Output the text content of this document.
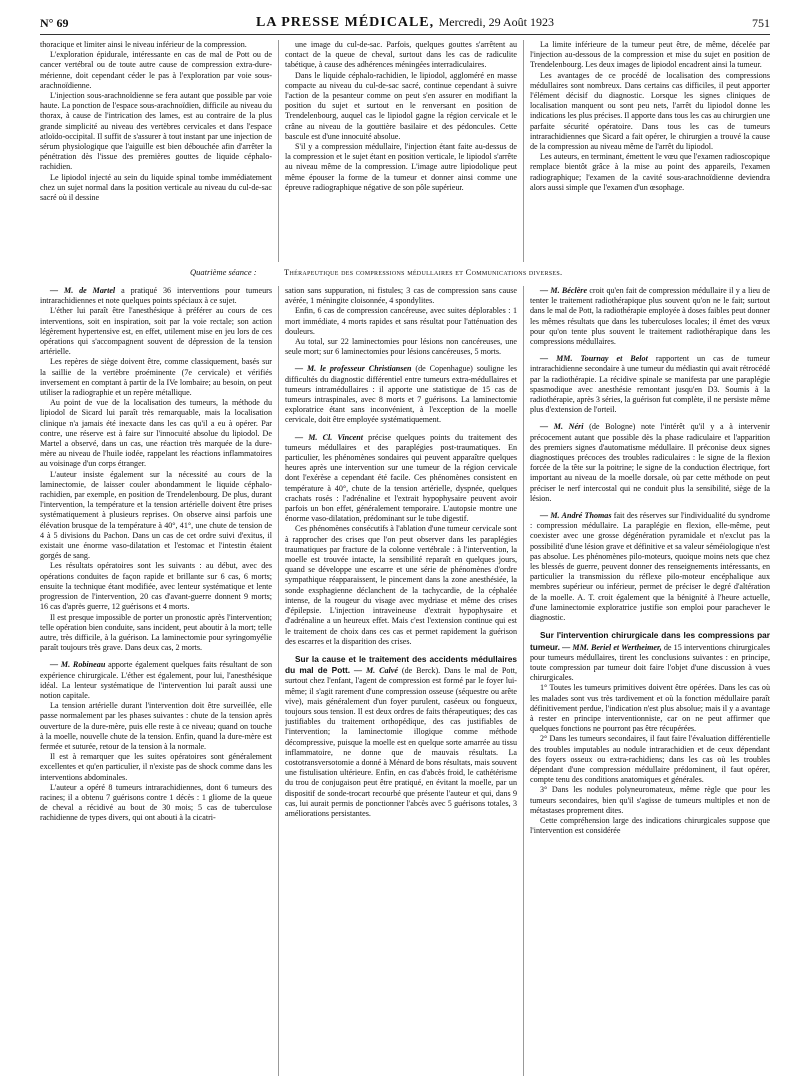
N° 69	LA PRESSE MÉDICALE, Mercredi, 29 Août 1923	751

thoracique et limiter ainsi le niveau inférieur de la compression.

L'exploration épidurale, intéressante en cas de mal de Pott ou de cancer vertébral ou de toute autre cause de compression extra-dure-mérienne, doit cependant céder le pas à l'exploration par voie sous-arachnoïdienne.

L'injection sous-arachnoïdienne se fera autant que possible par voie haute. La ponction de l'espace sous-arachnoïdien, difficile au niveau du thorax, à cause de l'intrication des lames, est au contraire de la plus grande simplicité au niveau des vertèbres cervicales et dans l'espace atloïdo-occipital. Il suffit de s'assurer à tout instant par une injection de sérum physiologique que l'aiguille est bien débouchée afin d'arrêter la pénétration dès l'issue des premières gouttes de liquide céphalo-rachidien.

Le lipiodol injecté au sein du liquide spinal tombe immédiatement chez un sujet normal dans la position verticale au niveau du cul-de-sac sacré où il dessine

une image du cul-de-sac. Parfois, quelques gouttes s'arrêtent au contact de la queue de cheval, surtout dans les cas de radiculite tabétique, à cause des adhérences méningées interradiculaires.

Dans le liquide céphalo-rachidien, le lipiodol, aggloméré en masse compacte au niveau du cul-de-sac sacré, continue cependant à suivre l'action de la pesanteur comme on peut s'en assurer en modifiant la position du sujet et surtout en le renversant en position de Trendelenbourg, auquel cas le lipiodol gagne la région cervicale et le crâne au niveau de la gouttière basilaire et des pédoncules. Cette bascule est d'une innocuité absolue.

S'il y a compression médullaire, l'injection étant faite au-dessus de la compression et le sujet étant en position verticale, le lipiodol s'arrête au niveau même de la compression. L'image autre lipiodolique peut même épouser la forme de la tumeur et donner ainsi comme une épreuve radiographique négative de son pôle supérieur.

La limite inférieure de la tumeur peut être, de même, décelée par l'injection au-dessous de la compression et mise du sujet en position de Trendelenbourg. Les deux images de lipiodol encadrent ainsi la tumeur.

Les avantages de ce procédé de localisation des compressions médullaires sont nombreux. Dans certains cas difficiles, il peut apporter l'élément décisif du diagnostic. Lorsque les signes cliniques de localisation manquent ou sont peu nets, l'arrêt du lipiodol donne les indications les plus précises. Il apporte dans tous les cas au chirurgien une parfaite sécurité opératoire. Dans tous les cas de tumeurs intrarachidiennes que Sicard a fait opérer, le chirurgien a trouvé la cause de la compression au niveau même de l'arrêt du lipiodol.

Les auteurs, en terminant, émettent le vœu que l'examen radioscopique remplace bientôt grâce à la mise au point des appareils, l'examen radiographique; l'examen de la cavité sous-arachnoïdienne deviendra alors aussi simple que l'examen d'un œsophage.

Quatrième séance :	Thérapeutique des compressions médullaires et Communications diverses.

— M. de Martel a pratiqué 36 interventions pour tumeurs intrarachidiennes et note quelques points spéciaux à ce sujet.

L'éther lui paraît être l'anesthésique à préférer au cours de ces interventions, soit en inspiration, soit par la voie rectale; son action légèrement hypertensive est, en effet, utilement mise en jeu lors de ces opérations qui s'accompagnent souvent de dépression de la tension artérielle.

Les repères de siège doivent être, comme classiquement, basés sur la saillie de la vertèbre proéminente (7e cervicale) et vérifiés inversement en comptant à partir de la IVe lombaire; au besoin, on peut utiliser la radiographie et un repère métallique.

Au point de vue de la localisation des tumeurs, la méthode du lipiodol de Sicard lui paraît très remarquable, mais la localisation clinique n'a jamais été inexacte dans les cas qu'il a eu à opérer. Par contre, une réserve est à faire sur l'innocuité absolue du lipiodol. De Martel a observé, dans un cas, une réaction très marquée de la dure-mère au niveau de l'huile iodée, rappelant les réactions inflammatoires au voisinage d'un corps étranger.

L'auteur insiste également sur la nécessité au cours de la laminectomie, de laisser couler abondamment le liquide céphalo-rachidien, par exemple, en position de Trendelenbourg. De plus, durant l'intervention, la température et la tension artérielle doivent être prises systématiquement à plusieurs reprises. On observe ainsi parfois une élévation brusque de la température à 40°, 41°, une chute de tension de 4 à 5 divisions du Pachon. Dans un cas de cet ordre suivi d'exitus, il existait une énorme vaso-dilatation et l'estomac et l'intestin étaient gorgés de sang.

Les résultats opératoires sont les suivants : au début, avec des opérations conduites de façon rapide et brillante sur 6 cas, 6 morts; ensuite la technique étant modifiée, avec lenteur systématique et lente progression de l'intervention, 20 cas d'avant-guerre donnent 9 morts; 16 cas d'après guerre, 12 guérisons et 4 morts.

Il est presque impossible de porter un pronostic après l'intervention; telle opération bien conduite, sans incident, peut aboutir à la mort; telle autre, très difficile, à la guérison. La laminectomie pour syringomyélie paraît toujours très grave. Dans deux cas, 2 morts.

— M. Robineau apporte également quelques faits résultant de son expérience chirurgicale. L'éther est également, pour lui, l'anesthésique idéal. La lenteur systématique de l'intervention lui paraît aussi une notion capitale.

La tension artérielle durant l'intervention doit être surveillée, elle passe normalement par les phases suivantes : chute de la tension après ouverture de la dure-mère, puis elle reste à ce niveau; quand on touche à la moelle, nouvelle chute de la tension. Enfin, quand la dure-mère est fermée et suturée, retour de la tension à la normale.

Il est à remarquer que les suites opératoires sont généralement excellentes et qu'en particulier, il n'existe pas de shock comme dans les interventions abdominales.

L'auteur a opéré 8 tumeurs intrarachidiennes, dont 6 tumeurs des racines; il a obtenu 7 guérisons contre 1 décès : 1 gliome de la queue de cheval a récidivé au bout de 30 mois; 5 cas de tuberculose rachidienne de types divers, qui ont abouti à la cicatri-

sation sans suppuration, ni fistules; 3 cas de compression sans cause avérée, 1 méningite cloisonnée, 4 spondylites.

Enfin, 6 cas de compression cancéreuse, avec suites déplorables : 1 mort immédiate, 4 morts rapides et sans résultat pour l'atténuation des douleurs.

Au total, sur 22 laminectomies pour lésions non cancéreuses, une seule mort; sur 6 laminectomies pour lésions cancéreuses, 5 morts.

— M. le professeur Christiansen (de Copenhague) souligne les difficultés du diagnostic différentiel entre tumeurs extra-médullaires et tumeurs intramédullaires : il apporte une statistique de 15 cas de tumeurs intraspinales, avec 8 morts et 7 guérisons. La laminectomie exploratrice étant sans inconvénient, à l'exception de la moelle cervicale, doit être employée systématiquement.

— M. Cl. Vincent précise quelques points du traitement des tumeurs médullaires et des paraplégies post-traumatiques. En particulier, les phénomènes sondaires qui peuvent apparaître quelques heures après une intervention sur une tumeur de la région cervicale dont l'exérèse a cependant été facile. Ces phénomènes consistent en température à 40°, chute de la tension artérielle, dyspnée, quelques crachats rosés : l'adrénaline et l'extrait hypophysaire peuvent avoir parfois un bon effet, généralement temporaire. L'autopsie montre une énorme vaso-dilatation, prédominant sur le tube digestif.

Ces phénomènes consécutifs à l'ablation d'une tumeur cervicale sont à rapprocher des crises que l'on peut observer dans les paraplégies traumatiques par fracture de la colonne vertébrale : à l'intervention, la moelle est trouvée intacte, la sensibilité reparaît en quelques jours, quand se développe une escarre et une série de phénomènes d'ordre sympathique réapparaissent, le pincement dans la zone anesthésiée, la sonde exsphagienne déclanchent de la tachycardie, de la céphalée intense, de la rougeur du visage avec mydriase et même des crises d'épilepsie. L'injection intraveineuse d'extrait hypophysaire et d'adrénaline a un heureux effet. Mais c'est l'extension continue qui est le traitement de choix dans ces cas et permet rapidement la guérison des escarres et la disparition des crises.

Sur la cause et le traitement des accidents médullaires du mal de Pott. — M. Calvé (de Berck). Dans le mal de Pott, surtout chez l'enfant, l'agent de compression est formé par le foyer lui-même; il s'agit rarement d'une compression osseuse (séquestre ou arête vive), mais généralement d'un foyer purulent, caséeux ou fongueux, toujours sous tension. Il est deux ordres de faits thérapeutiques; des cas justifiables du traitement orthopédique, des cas justifiables de l'intervention; la laminectomie illogique comme méthode décompressive, puisque la moelle est en quelque sorte amarrée au tissu inflammatoire, ne donne que de mauvais résultats. La costotransversotomie a donné à Ménard de bons résultats, mais souvent une fistulisation ultérieure. Enfin, en cas d'abcès froid, le cathétérisme du trou de conjugaison peut être pratiqué, en évitant la moelle, par un dispositif de sonde-trocart recourbé que présente l'auteur et qui, dans 9 cas, lui aurait permis de ponctionner l'abcès avec 5 guérisons totales, 3 améliorations persistantes.

— M. Béclère croit qu'en fait de compression médullaire il y a lieu de tenter le traitement radiothérapique plus souvent qu'on ne le fait; surtout dans le mal de Pott, la radiothérapie employée à doses faibles peut donner les mêmes résultats que dans les tuberculoses locales; il émet des vœux pour qu'on tente plus souvent le traitement radiothérapique dans les compressions médullaires.

— MM. Tournay et Belot rapportent un cas de tumeur intrarachidienne secondaire à une tumeur du médiastin qui avait rétrocédé par la radiothérapie. La récidive spinale se manifesta par une paraplégie spasmodique avec anesthésie remontant jusqu'en D3. Soumis à la radiothérapie, après 3 séries, la guérison fut complète, il ne persiste même plus d'extension de l'orteil.

— M. Néri (de Bologne) note l'intérêt qu'il y a à intervenir précocement autant que possible dès la phase radiculaire et l'apparition des premiers signes d'automatisme médullaire. Il préconise deux signes diagnostiques précoces des troubles radiculaires : le signe de la flexion forcée de la tête sur la poitrine; le signe de la conduction électrique, fort important au niveau de la moelle dorsale, où par cette méthode on peut préciser le nerf intercostal qui ne conduit plus la sensibilité, siège de la lésion.

— M. André Thomas fait des réserves sur l'individualité du syndrome : compression médullaire. La paraplégie en flexion, elle-même, peut coexister avec une grosse dégénération pyramidale et n'exclut pas la possibilité d'une lésion grave et définitive et sa valeur séméiologique n'est pas absolue. Les phénomènes pilo-moteurs, quoique moins nets que chez les blessés de guerre, peuvent donner des renseignements intéressants, en particulier la transmission du réflexe pilo-moteur encéphalique aux membres supérieur ou inférieur, permet de préciser le degré d'altération de la moelle. A. T. croit également que la bénignité à l'heure actuelle, d'une laminectomie exploratrice justifie son emploi pour parachever le diagnostic.

Sur l'intervention chirurgicale dans les compressions par tumeur. — MM. Beriel et Wertheimer, de 15 interventions chirurgicales pour tumeurs médullaires, tirent les conclusions suivantes : en principe, toute compression par tumeur doit faire l'objet d'une discussion à vues chirurgicales.

1° Toutes les tumeurs primitives doivent être opérées. Dans les cas où les malades sont vus très tardivement et où la fonction médullaire paraît définitivement perdue, l'indication n'est plus absolue; mais il y a avantage à rester en principe interventionniste, car on ne peut affirmer que quelques fonctions ne pourront pas être récupérées.

2° Dans les tumeurs secondaires, il faut faire l'évaluation différentielle des troubles imputables au nodule intrarachidien et de ceux dépendant des foyers osseux ou extra-rachidiens; dans les cas où les troubles dépendant d'une compression médullaire prédominent, il faut opérer, compte tenu des conditions anatomiques et générales.

3° Dans les nodules polyneuromateux, même règle que pour les tumeurs secondaires, bien qu'il s'agisse de tumeurs multiples et non de métastases proprement dites.

Cette compréhension large des indications chirurgicales suppose que l'intervention est considérée
